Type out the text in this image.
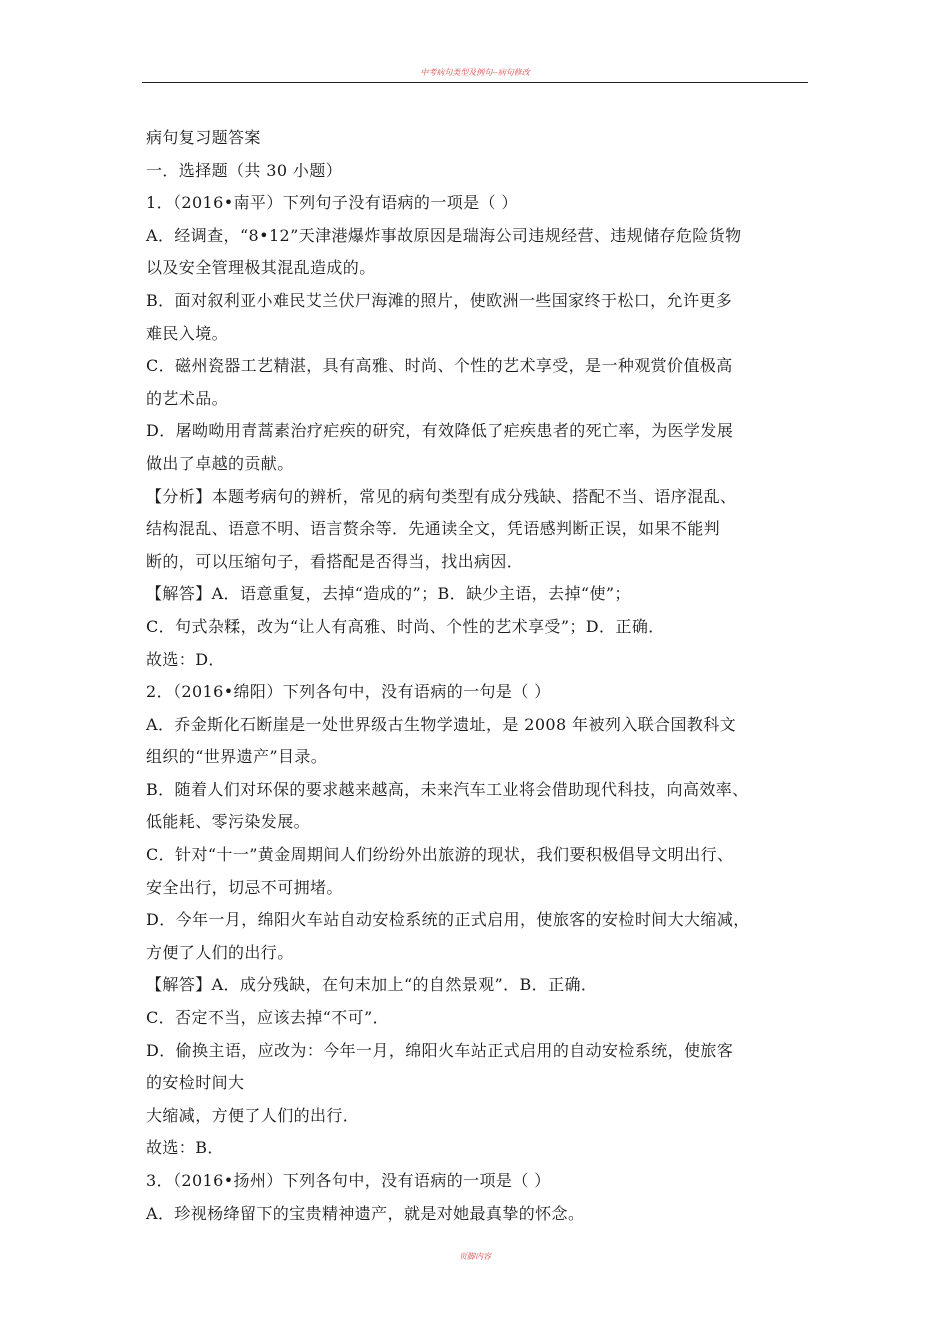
中考病句类型及例句--病句修改
病句复习题答案
一．选择题（共 30 小题）
1．（2016•南平）下列句子没有语病的一项是（ ）
A．经调查，“8•12”天津港爆炸事故原因是瑞海公司违规经营、违规储存危险货物
以及安全管理极其混乱造成的。
B．面对叙利亚小难民艾兰伏尸海滩的照片，使欧洲一些国家终于松口，允许更多
难民入境。
C．磁州瓷器工艺精湛，具有高雅、时尚、个性的艺术享受，是一种观赏价值极高
的艺术品。
D．屠呦呦用青蒿素治疗疟疾的研究，有效降低了疟疾患者的死亡率，为医学发展
做出了卓越的贡献。
【分析】本题考病句的辨析，常见的病句类型有成分残缺、搭配不当、语序混乱、
结构混乱、语意不明、语言赘余等．先通读全文，凭语感判断正误，如果不能判
断的，可以压缩句子，看搭配是否得当，找出病因．
【解答】A．语意重复，去掉“造成的”；B．缺少主语，去掉“使”；
C．句式杂糅，改为“让人有高雅、时尚、个性的艺术享受”；D．正确．
故选：D．
2．（2016•绵阳）下列各句中，没有语病的一句是（ ）
A．乔金斯化石断崖是一处世界级古生物学遗址，是 2008 年被列入联合国教科文
组织的“世界遗产”目录。
B．随着人们对环保的要求越来越高，未来汽车工业将会借助现代科技，向高效率、
低能耗、零污染发展。
C．针对“十一”黄金周期间人们纷纷外出旅游的现状，我们要积极倡导文明出行、
安全出行，切忌不可拥堵。
D．今年一月，绵阳火车站自动安检系统的正式启用，使旅客的安检时间大大缩减，
方便了人们的出行。
【解答】A．成分残缺，在句末加上“的自然景观”．B．正确．
C．否定不当，应该去掉“不可”．
D．偷换主语，应改为：今年一月，绵阳火车站正式启用的自动安检系统，使旅客
的安检时间大
大缩减，方便了人们的出行．
故选：B．
3．（2016•扬州）下列各句中，没有语病的一项是（ ）
A．珍视杨绛留下的宝贵精神遗产，就是对她最真挚的怀念。
页脚内容
